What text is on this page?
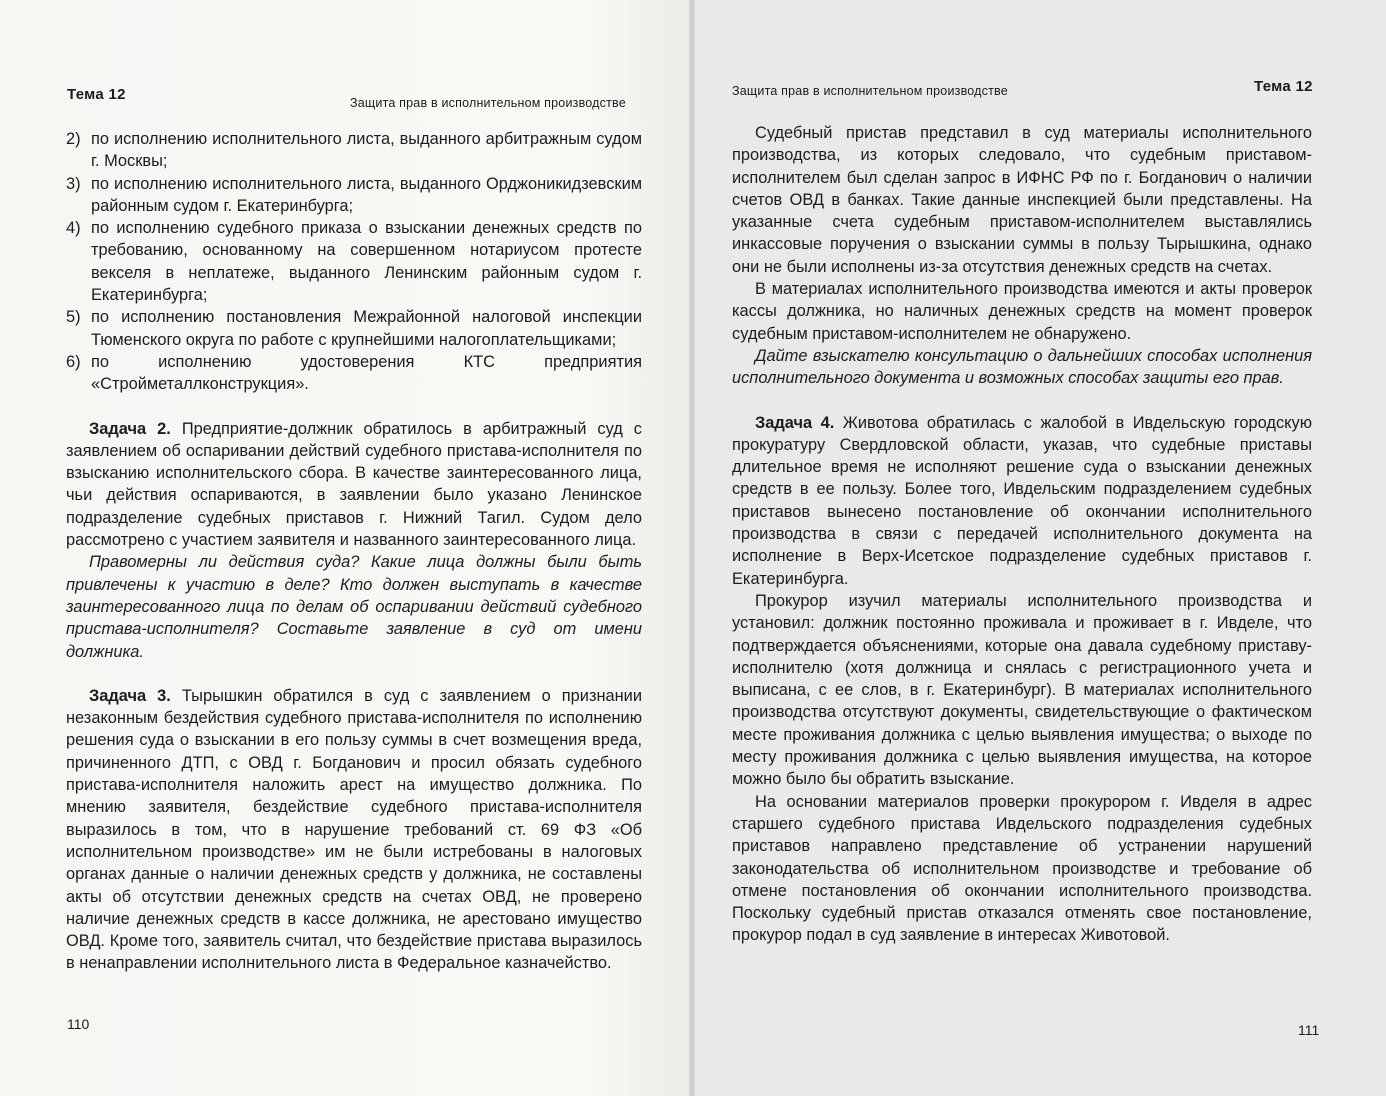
Тема 12	Защита прав в исполнительном производстве
2) по исполнению исполнительного листа, выданного арбитражным судом г. Москвы;
3) по исполнению исполнительного листа, выданного Орджоникидзевским районным судом г. Екатеринбурга;
4) по исполнению судебного приказа о взыскании денежных средств по требованию, основанному на совершенном нотариусом протесте векселя в неплатеже, выданного Ленинским районным судом г. Екатеринбурга;
5) по исполнению постановления Межрайонной налоговой инспекции Тюменского округа по работе с крупнейшими налогоплательщиками;
6) по исполнению удостоверения КТС предприятия «Стройметаллконструкция».
Задача 2. Предприятие-должник обратилось в арбитражный суд с заявлением об оспаривании действий судебного пристава-исполнителя по взысканию исполнительского сбора. В качестве заинтересованного лица, чьи действия оспариваются, в заявлении было указано Ленинское подразделение судебных приставов г. Нижний Тагил. Судом дело рассмотрено с участием заявителя и названного заинтересованного лица.
Правомерны ли действия суда? Какие лица должны были быть привлечены к участию в деле? Кто должен выступать в качестве заинтересованного лица по делам об оспаривании действий судебного пристава-исполнителя? Составьте заявление в суд от имени должника.
Задача 3. Тырышкин обратился в суд с заявлением о признании незаконным бездействия судебного пристава-исполнителя по исполнению решения суда о взыскании в его пользу суммы в счет возмещения вреда, причиненного ДТП, с ОВД г. Богданович и просил обязать судебного пристава-исполнителя наложить арест на имущество должника. По мнению заявителя, бездействие судебного пристава-исполнителя выразилось в том, что в нарушение требований ст. 69 ФЗ «Об исполнительном производстве» им не были истребованы в налоговых органах данные о наличии денежных средств у должника, не составлены акты об отсутствии денежных средств на счетах ОВД, не проверено наличие денежных средств в кассе должника, не арестовано имущество ОВД. Кроме того, заявитель считал, что бездействие пристава выразилось в ненаправлении исполнительного листа в Федеральное казначейство.
110
Защита прав в исполнительном производстве	Тема 12
Судебный пристав представил в суд материалы исполнительного производства, из которых следовало, что судебным приставом-исполнителем был сделан запрос в ИФНС РФ по г. Богданович о наличии счетов ОВД в банках. Такие данные инспекцией были представлены. На указанные счета судебным приставом-исполнителем выставлялись инкассовые поручения о взыскании суммы в пользу Тырышкина, однако они не были исполнены из-за отсутствия денежных средств на счетах.
В материалах исполнительного производства имеются и акты проверок кассы должника, но наличных денежных средств на момент проверок судебным приставом-исполнителем не обнаружено.
Дайте взыскателю консультацию о дальнейших способах исполнения исполнительного документа и возможных способах защиты его прав.
Задача 4. Животова обратилась с жалобой в Ивдельскую городскую прокуратуру Свердловской области, указав, что судебные приставы длительное время не исполняют решение суда о взыскании денежных средств в ее пользу. Более того, Ивдельским подразделением судебных приставов вынесено постановление об окончании исполнительного производства в связи с передачей исполнительного документа на исполнение в Верх-Исетское подразделение судебных приставов г. Екатеринбурга.
Прокурор изучил материалы исполнительного производства и установил: должник постоянно проживала и проживает в г. Ивделе, что подтверждается объяснениями, которые она давала судебному приставу-исполнителю (хотя должница и снялась с регистрационного учета и выписана, с ее слов, в г. Екатеринбург). В материалах исполнительного производства отсутствуют документы, свидетельствующие о фактическом месте проживания должника с целью выявления имущества; о выходе по месту проживания должника с целью выявления имущества, на которое можно было бы обратить взыскание.
На основании материалов проверки прокурором г. Ивделя в адрес старшего судебного пристава Ивдельского подразделения судебных приставов направлено представление об устранении нарушений законодательства об исполнительном производстве и требование об отмене постановления об окончании исполнительного производства. Поскольку судебный пристав отказался отменять свое постановление, прокурор подал в суд заявление в интересах Животовой.
111
